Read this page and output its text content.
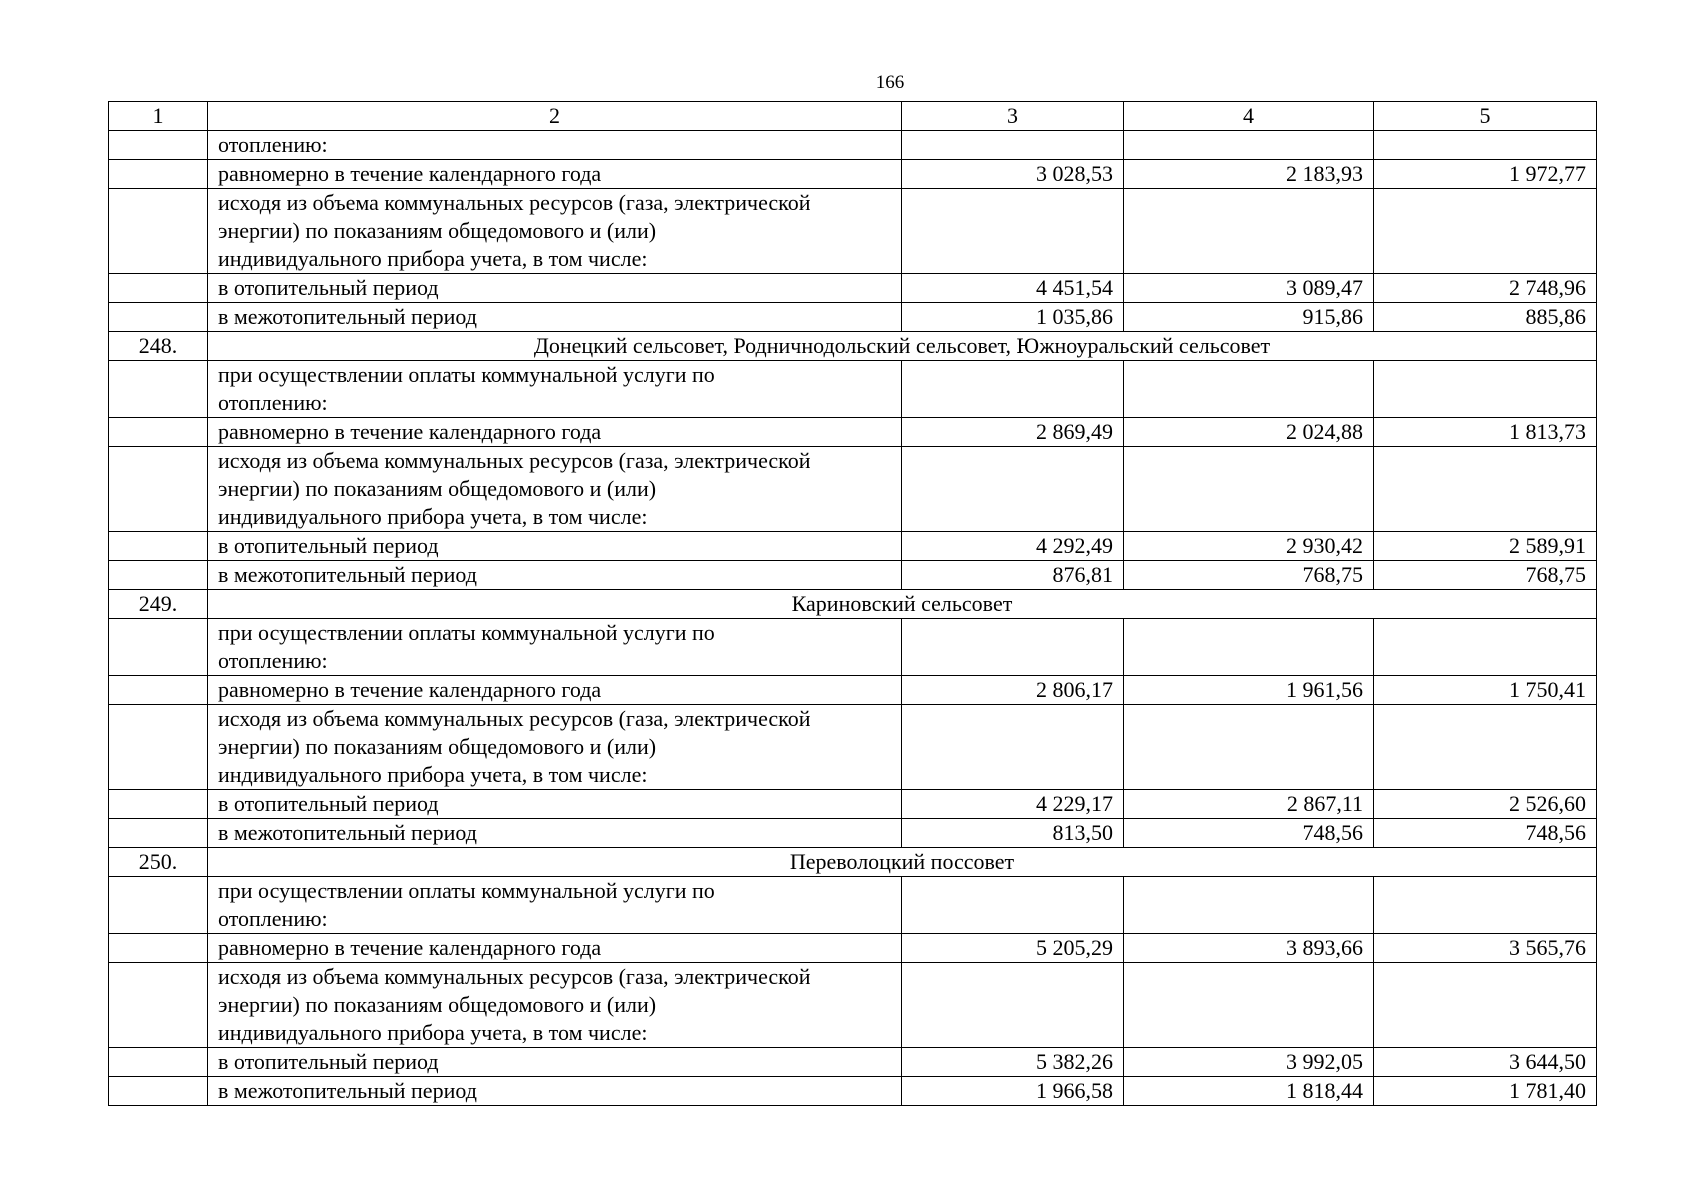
166
1	2	3	4	5

	отоплению:			

	равномерно в течение календарного года	3 028,53	2 183,93	1 972,77

	исходя из объема коммунальных ресурсов (газа, электрической
энергии) по показаниям общедомового и (или)
индивидуального прибора учета, в том числе:			

	в отопительный период	4 451,54	3 089,47	2 748,96

	в межотопительный период	1 035,86	915,86	885,86
248.	Донецкий сельсовет, Родничнодольский сельсовет, Южноуральский сельсовет			

	при осуществлении оплаты коммунальной услуги по
отоплению:			

	равномерно в течение календарного года	2 869,49	2 024,88	1 813,73

	исходя из объема коммунальных ресурсов (газа, электрической
энергии) по показаниям общедомового и (или)
индивидуального прибора учета, в том числе:			

	в отопительный период	4 292,49	2 930,42	2 589,91

	в межотопительный период	876,81	768,75	768,75
249.	Кариновский сельсовет			

	при осуществлении оплаты коммунальной услуги по
отоплению:			

	равномерно в течение календарного года	2 806,17	1 961,56	1 750,41

	исходя из объема коммунальных ресурсов (газа, электрической
энергии) по показаниям общедомового и (или)
индивидуального прибора учета, в том числе:			

	в отопительный период	4 229,17	2 867,11	2 526,60

	в межотопительный период	813,50	748,56	748,56
250.	Переволоцкий поссовет			

	при осуществлении оплаты коммунальной услуги по
отоплению:			

	равномерно в течение календарного года	5 205,29	3 893,66	3 565,76

	исходя из объема коммунальных ресурсов (газа, электрической
энергии) по показаниям общедомового и (или)
индивидуального прибора учета, в том числе:			

	в отопительный период	5 382,26	3 992,05	3 644,50

	в межотопительный период	1 966,58	1 818,44	1 781,40
